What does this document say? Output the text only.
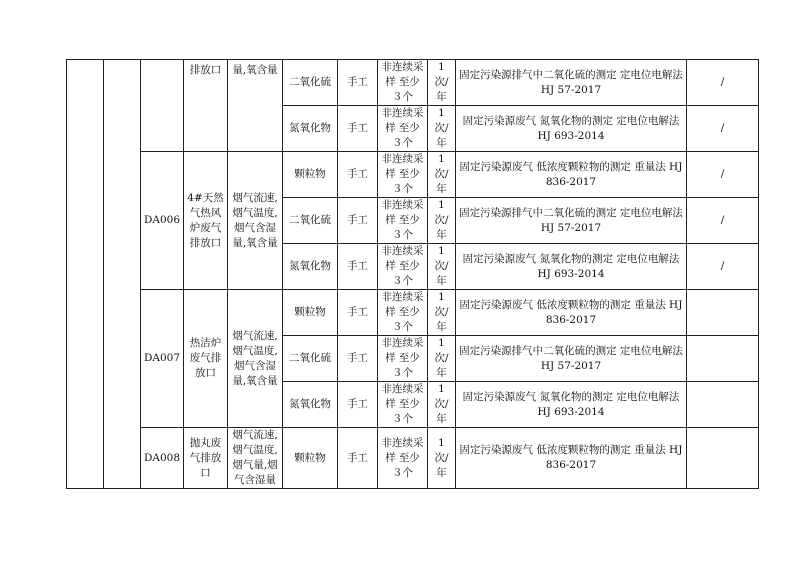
			排放口	量,氧含量	二氧化硫	手工	非连续采样 至少３个	1 次/年	固定污染源排气中二氧化硫的测定 定电位电解法 HJ 57-2017	/
					氮氧化物	手工	非连续采样 至少３个	1 次/年	固定污染源废气 氮氧化物的测定 定电位电解法 HJ 693-2014	/
		DA006	4#天然气热风炉废气排放口	烟气流速,烟气温度,烟气含湿量,氧含量	颗粒物	手工	非连续采样 至少３个	1 次/年	固定污染源废气 低浓度颗粒物的测定 重量法 HJ836-2017	/
					二氧化硫	手工	非连续采样 至少３个	1 次/年	固定污染源排气中二氧化硫的测定 定电位电解法 HJ 57-2017	/
					氮氧化物	手工	非连续采样 至少３个	1 次/年	固定污染源废气 氮氧化物的测定 定电位电解法 HJ 693-2014	/
		DA007	热洁炉废气排放口	烟气流速,烟气温度,烟气含湿量,氧含量	颗粒物	手工	非连续采样 至少３个	1 次/年	固定污染源废气 低浓度颗粒物的测定 重量法 HJ836-2017	
					二氧化硫	手工	非连续采样 至少３个	1 次/年	固定污染源排气中二氧化硫的测定 定电位电解法 HJ 57-2017	
					氮氧化物	手工	非连续采样 至少３个	1 次/年	固定污染源废气 氮氧化物的测定 定电位电解法 HJ 693-2014	
		DA008	抛丸废气排放口	烟气流速,烟气温度,烟气量,烟气含湿量	颗粒物	手工	非连续采样 至少３个	1 次/年	固定污染源废气 低浓度颗粒物的测定 重量法 HJ836-2017	
